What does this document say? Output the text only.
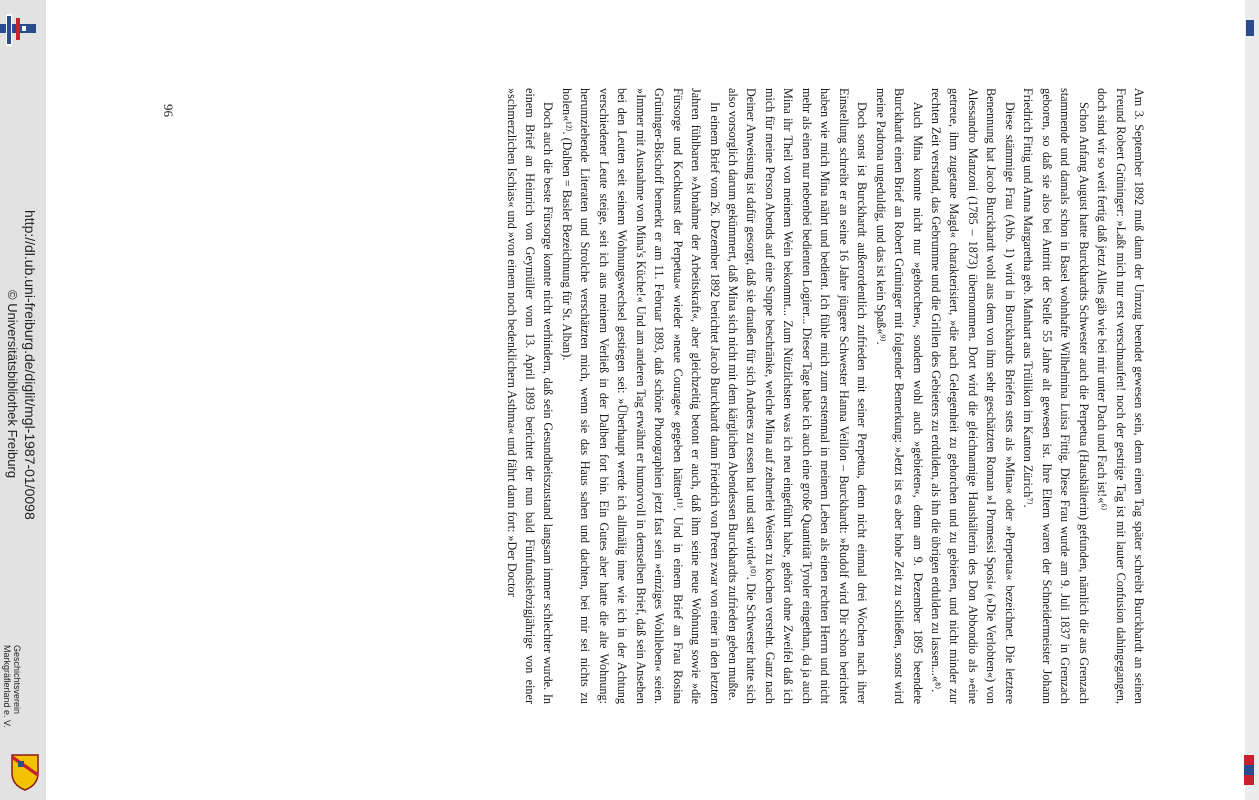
Am 3. September 1892 muß dann der Umzug beendet gewesen sein, denn einen Tag später schreibt Burckhardt an seinen Freund Robert Grüninger: »Laßt mich nur erst verschnaufen! noch der gestrige Tag ist mit lauter Confusion dahingegangen, doch sind wir so weit fertig daß jetzt Alles gäb wie bei mir unter Dach und Fach ist!«⁶⁾

Schon Anfang August hatte Burckhardts Schwester auch die Perpetua (Haushälterin) gefunden, nämlich die aus Grenzach stammende und damals schon in Basel wohnhafte Wilhelmina Luisa Fittig. Diese Frau wurde am 9. Juli 1837 in Grenzach geboren, so daß sie also bei Antritt der Stelle 55 Jahre alt gewesen ist. Ihre Eltern waren der Schneidermeister Johann Friedrich Fittig und Anna Margaretha geb. Manhart aus Trüllikon im Kanton Zürich⁷⁾.

Diese stämmige Frau (Abb. 1) wird in Burckhardts Briefen stets als »Mina« oder »Perpetua« bezeichnet. Die letztere Benennung hat Jacob Burckhardt wohl aus dem von ihm sehr geschätzten Roman »I Promessi Sposi« (»Die Verlobten«) von Alessandro Manzoni (1785 – 1873) übernommen. Dort wird die gleichnamige Haushälterin des Don Abbondio als »eine getreue, ihm zugetane Magd« charakterisiert, »die nach Gelegenheit zu gehorchen und zu gebieten, und nicht minder zur rechten Zeit verstand, das Gebrumme und die Grillen des Gebieters zu erdulden, als ihn die übrigen erdulden zu lassen...«⁸⁾.

Auch Mina konnte nicht nur »gehorchen«, sondern wohl auch »gebieten«, denn am 9. Dezember 1895 beendete Burckhardt einen Brief an Robert Grüninger mit folgender Bemerkung: »Jetzt ist es aber hohe Zeit zu schließen, sonst wird meine Padrona ungeduldig, und das ist kein Spaß«⁹⁾.

Doch sonst ist Burckhardt außerordentlich zufrieden mit seiner Perpetua, denn nicht einmal drei Wochen nach ihrer Einstellung schreibt er an seine 16 Jahre jüngere Schwester Hanna Veillon – Burckhardt: »Rudolf wird Dir schon berichtet haben wie mich Mina nährt und bedient. Ich fühle mich zum erstenmal in meinem Leben als einen rechten Herrn und nicht mehr als einen nur nebenbei bedienten Logirer... Dieser Tage habe ich auch eine große Quantität Tyroler eingethan, da ja auch Mina ihr Theil von meinem Wein bekommt... Zum Nützlichsten was ich neu eingeführt habe, gehört ohne Zweifel daß ich mich für meine Person Abends auf eine Suppe beschränke, welche Mina auf zehnerlei Weisen zu kochen versteht. Ganz nach Deiner Anweisung ist dafür gesorgt, daß sie draußen für sich Anderes zu essen hat und satt wird«¹⁰⁾. Die Schwester hatte sich also vorsorglich darum gekümmert, daß Mina sich nicht mit dem kärglichen Abendessen Burckhardts zufrieden geben mußte.

In einem Brief vom 26. Dezember 1892 berichtet Jacob Burckhardt dann Friedrich von Preen zwar von einer in den letzten Jahren fühlbaren »Abnahme der Arbeitskraft«, aber gleichzeitig betont er auch, daß ihm seine neue Wohnung sowie »die Fürsorge und Kochkunst der Perpetua« wieder »neue Courage« gegeben hätten¹¹⁾. Und in einem Brief an Frau Rosina Grüninger-Bischoff bemerkt er am 11. Februar 1893, daß schöne Photographien jetzt fast sein »einziges Wohlleben« seien. »Immer mit Ausnahme von Mina's Küche!« Und am anderen Tag erwähnt er humorvoll in demselben Brief, daß sein Ansehen bei den Leuten seit seinem Wohnungswechsel gestiegen sei: »Überhaupt werde ich allmälig inne wie ich in der Achtung verschiedener Leute steige, seit ich aus meinem Verließ in der Dalben fort bin. Ein Gutes aber hatte die alte Wohnung: herumziehende Literaten und Strolche verschätzten mich, wenn sie das Haus sahen und dachten, bei mir sei nichts zu holen«¹²⁾. (Dalben = Basler Bezeichnung für St. Alban).

Doch auch die beste Fürsorge konnte nicht verhindern, daß sein Gesundheitszustand langsam immer schlechter wurde. In einem Brief an Heinrich von Geymüller vom 13. April 1893 berichtet der nun bald Fünfundsiebzigjährige von einer »schmerzlichen Ischias« und »von einem noch bedenklichern Asthma« und fährt dann fort: »Der Doctor

96
http://dl.ub.uni-freiburg.de/diglit/mgl-1987-01/0098
© Universitätsbibliothek Freiburg
Geschichtsverein
Markgräflerland e. V.
